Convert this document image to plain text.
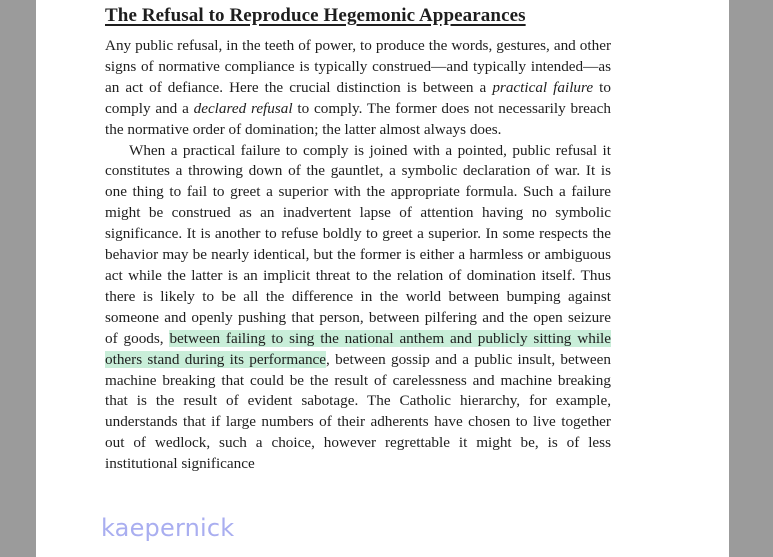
The Refusal to Reproduce Hegemonic Appearances

Any public refusal, in the teeth of power, to produce the words, gestures, and other signs of normative compliance is typically construed—and typically intended—as an act of defiance. Here the crucial distinction is between a practical failure to comply and a declared refusal to comply. The former does not necessarily breach the normative order of domination; the latter almost always does.

When a practical failure to comply is joined with a pointed, public refusal it constitutes a throwing down of the gauntlet, a symbolic declaration of war. It is one thing to fail to greet a superior with the appropriate formula. Such a failure might be construed as an inadvertent lapse of attention having no symbolic significance. It is another to refuse boldly to greet a superior. In some respects the behavior may be nearly identical, but the former is either a harmless or ambiguous act while the latter is an implicit threat to the relation of domination itself. Thus there is likely to be all the difference in the world between bumping against someone and openly pushing that person, between pilfering and the open seizure of goods, between failing to sing the national anthem and publicly sitting while others stand during its performance, between gossip and a public insult, between machine breaking that could be the result of carelessness and machine breaking that is the result of evident sabotage. The Catholic hierarchy, for example, understands that if large numbers of their adherents have chosen to live together out of wedlock, such a choice, however regrettable it might be, is of less institutional significance

kaepernick
